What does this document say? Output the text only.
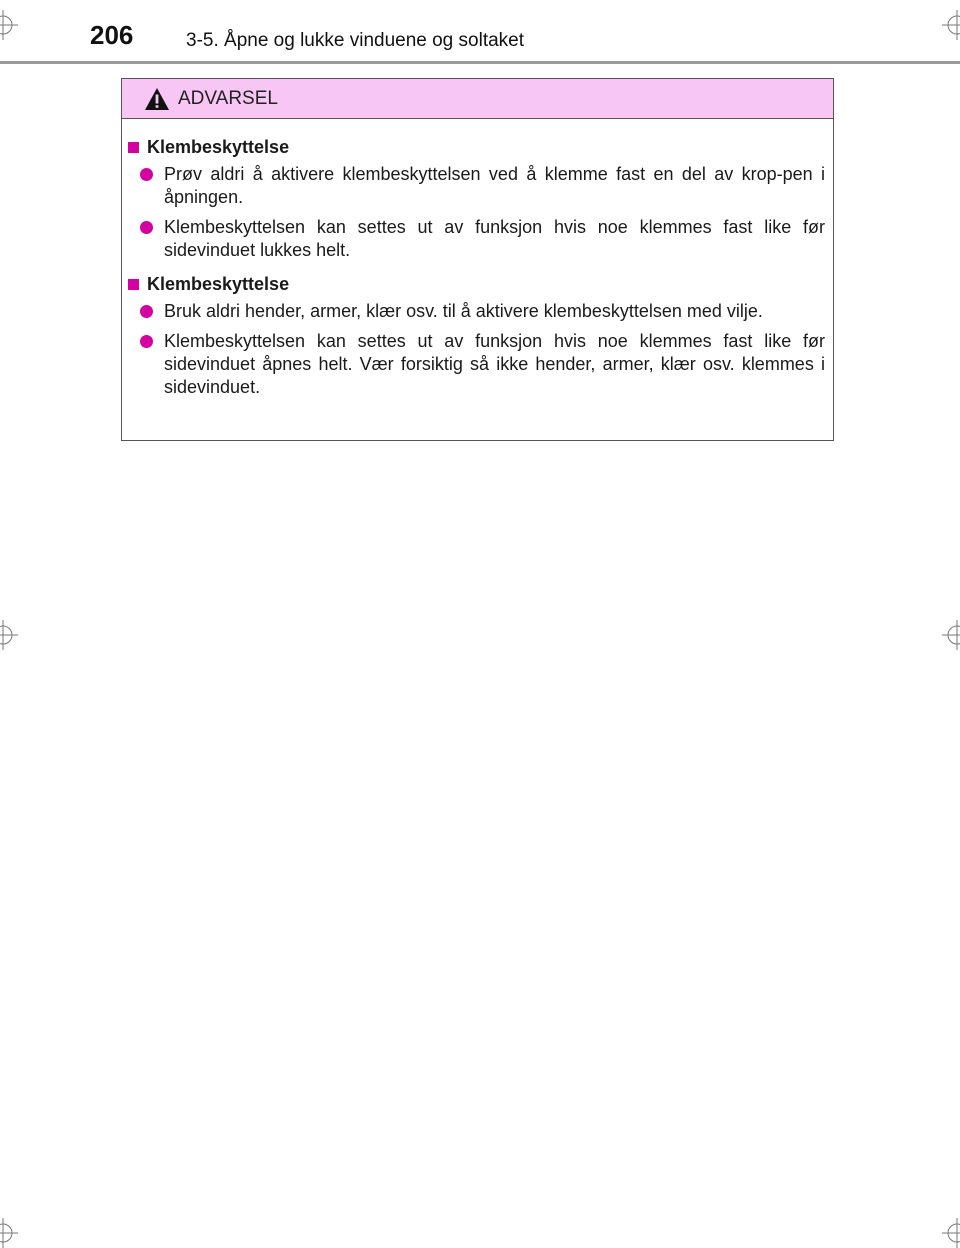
206	3-5. Åpne og lukke vinduene og soltaket
ADVARSEL
Klembeskyttelse
Prøv aldri å aktivere klembeskyttelsen ved å klemme fast en del av krop-pen i åpningen.
Klembeskyttelsen kan settes ut av funksjon hvis noe klemmes fast like før sidevinduet lukkes helt.
Klembeskyttelse
Bruk aldri hender, armer, klær osv. til å aktivere klembeskyttelsen med vilje.
Klembeskyttelsen kan settes ut av funksjon hvis noe klemmes fast like før sidevinduet åpnes helt. Vær forsiktig så ikke hender, armer, klær osv. klemmes i sidevinduet.
